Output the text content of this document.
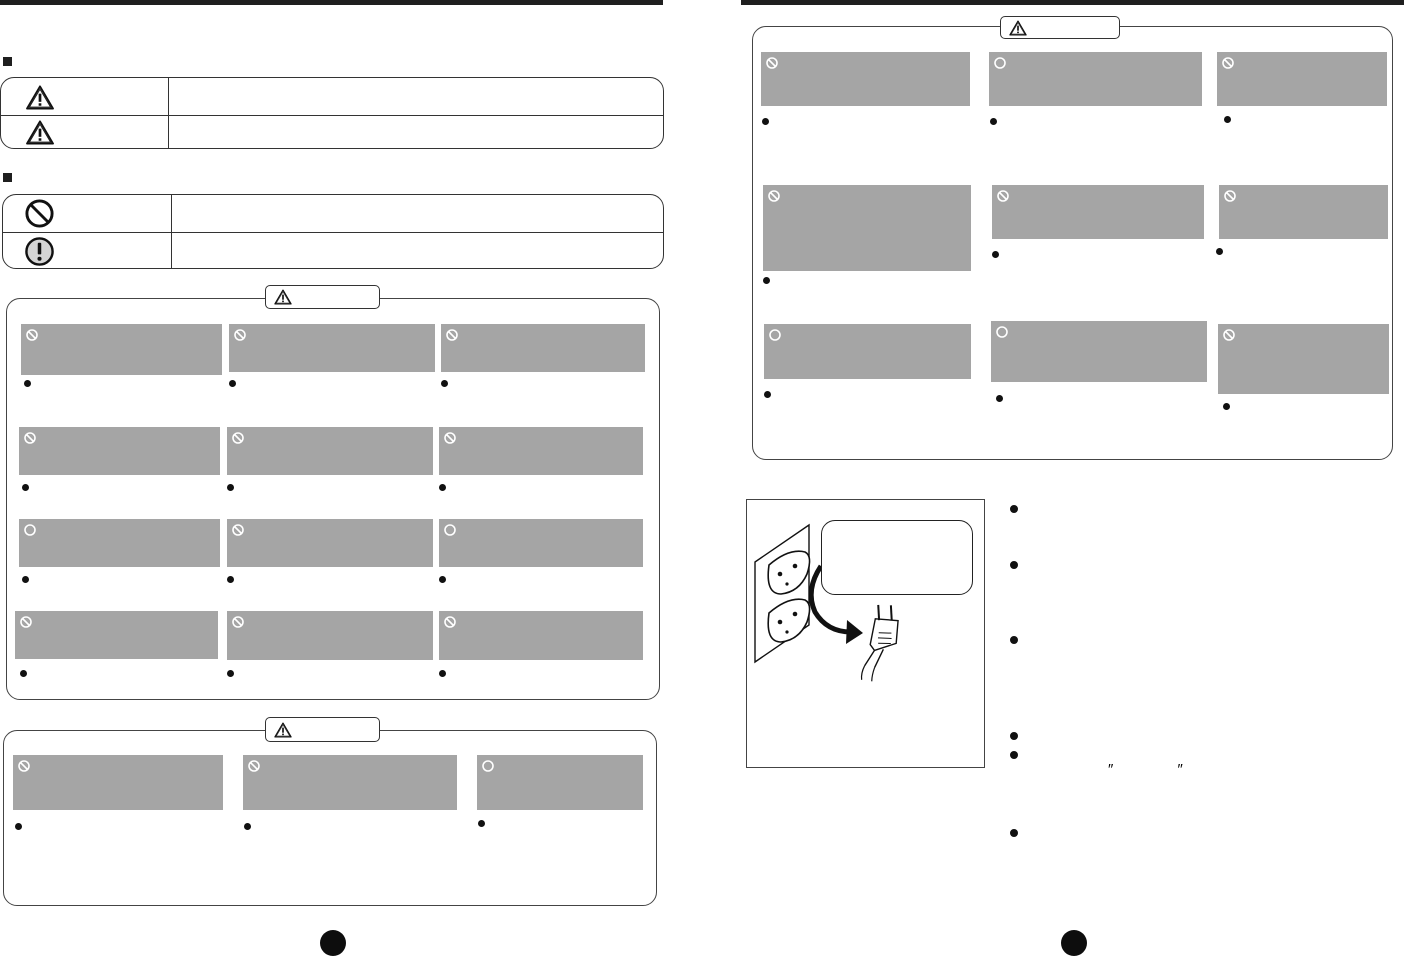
″ ″
